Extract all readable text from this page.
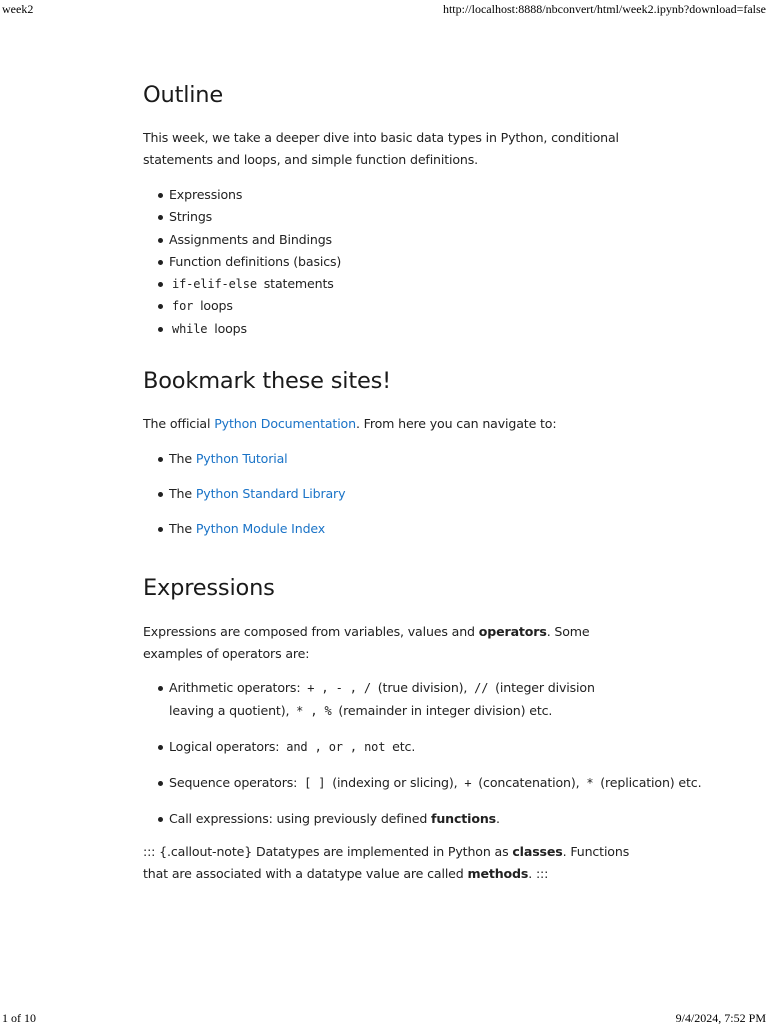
week2	http://localhost:8888/nbconvert/html/week2.ipynb?download=false
Outline

This week, we take a deeper dive into basic data types in Python, conditional statements and loops, and simple function definitions.

Expressions
Strings
Assignments and Bindings
Function definitions (basics)
if-elif-else statements
for loops
while loops
Bookmark these sites!

The official Python Documentation. From here you can navigate to:

The Python Tutorial
The Python Standard Library
The Python Module Index
Expressions

Expressions are composed from variables, values and operators. Some examples of operators are:

Arithmetic operators: + , - , / (true division), // (integer division leaving a quotient), * , % (remainder in integer division) etc.
Logical operators: and , or , not etc.
Sequence operators: [ ] (indexing or slicing), + (concatenation), * (replication) etc.
Call expressions: using previously defined functions.

::: {.callout-note} Datatypes are implemented in Python as classes. Functions that are associated with a datatype value are called methods. :::

1 of 10	9/4/2024, 7:52 PM
